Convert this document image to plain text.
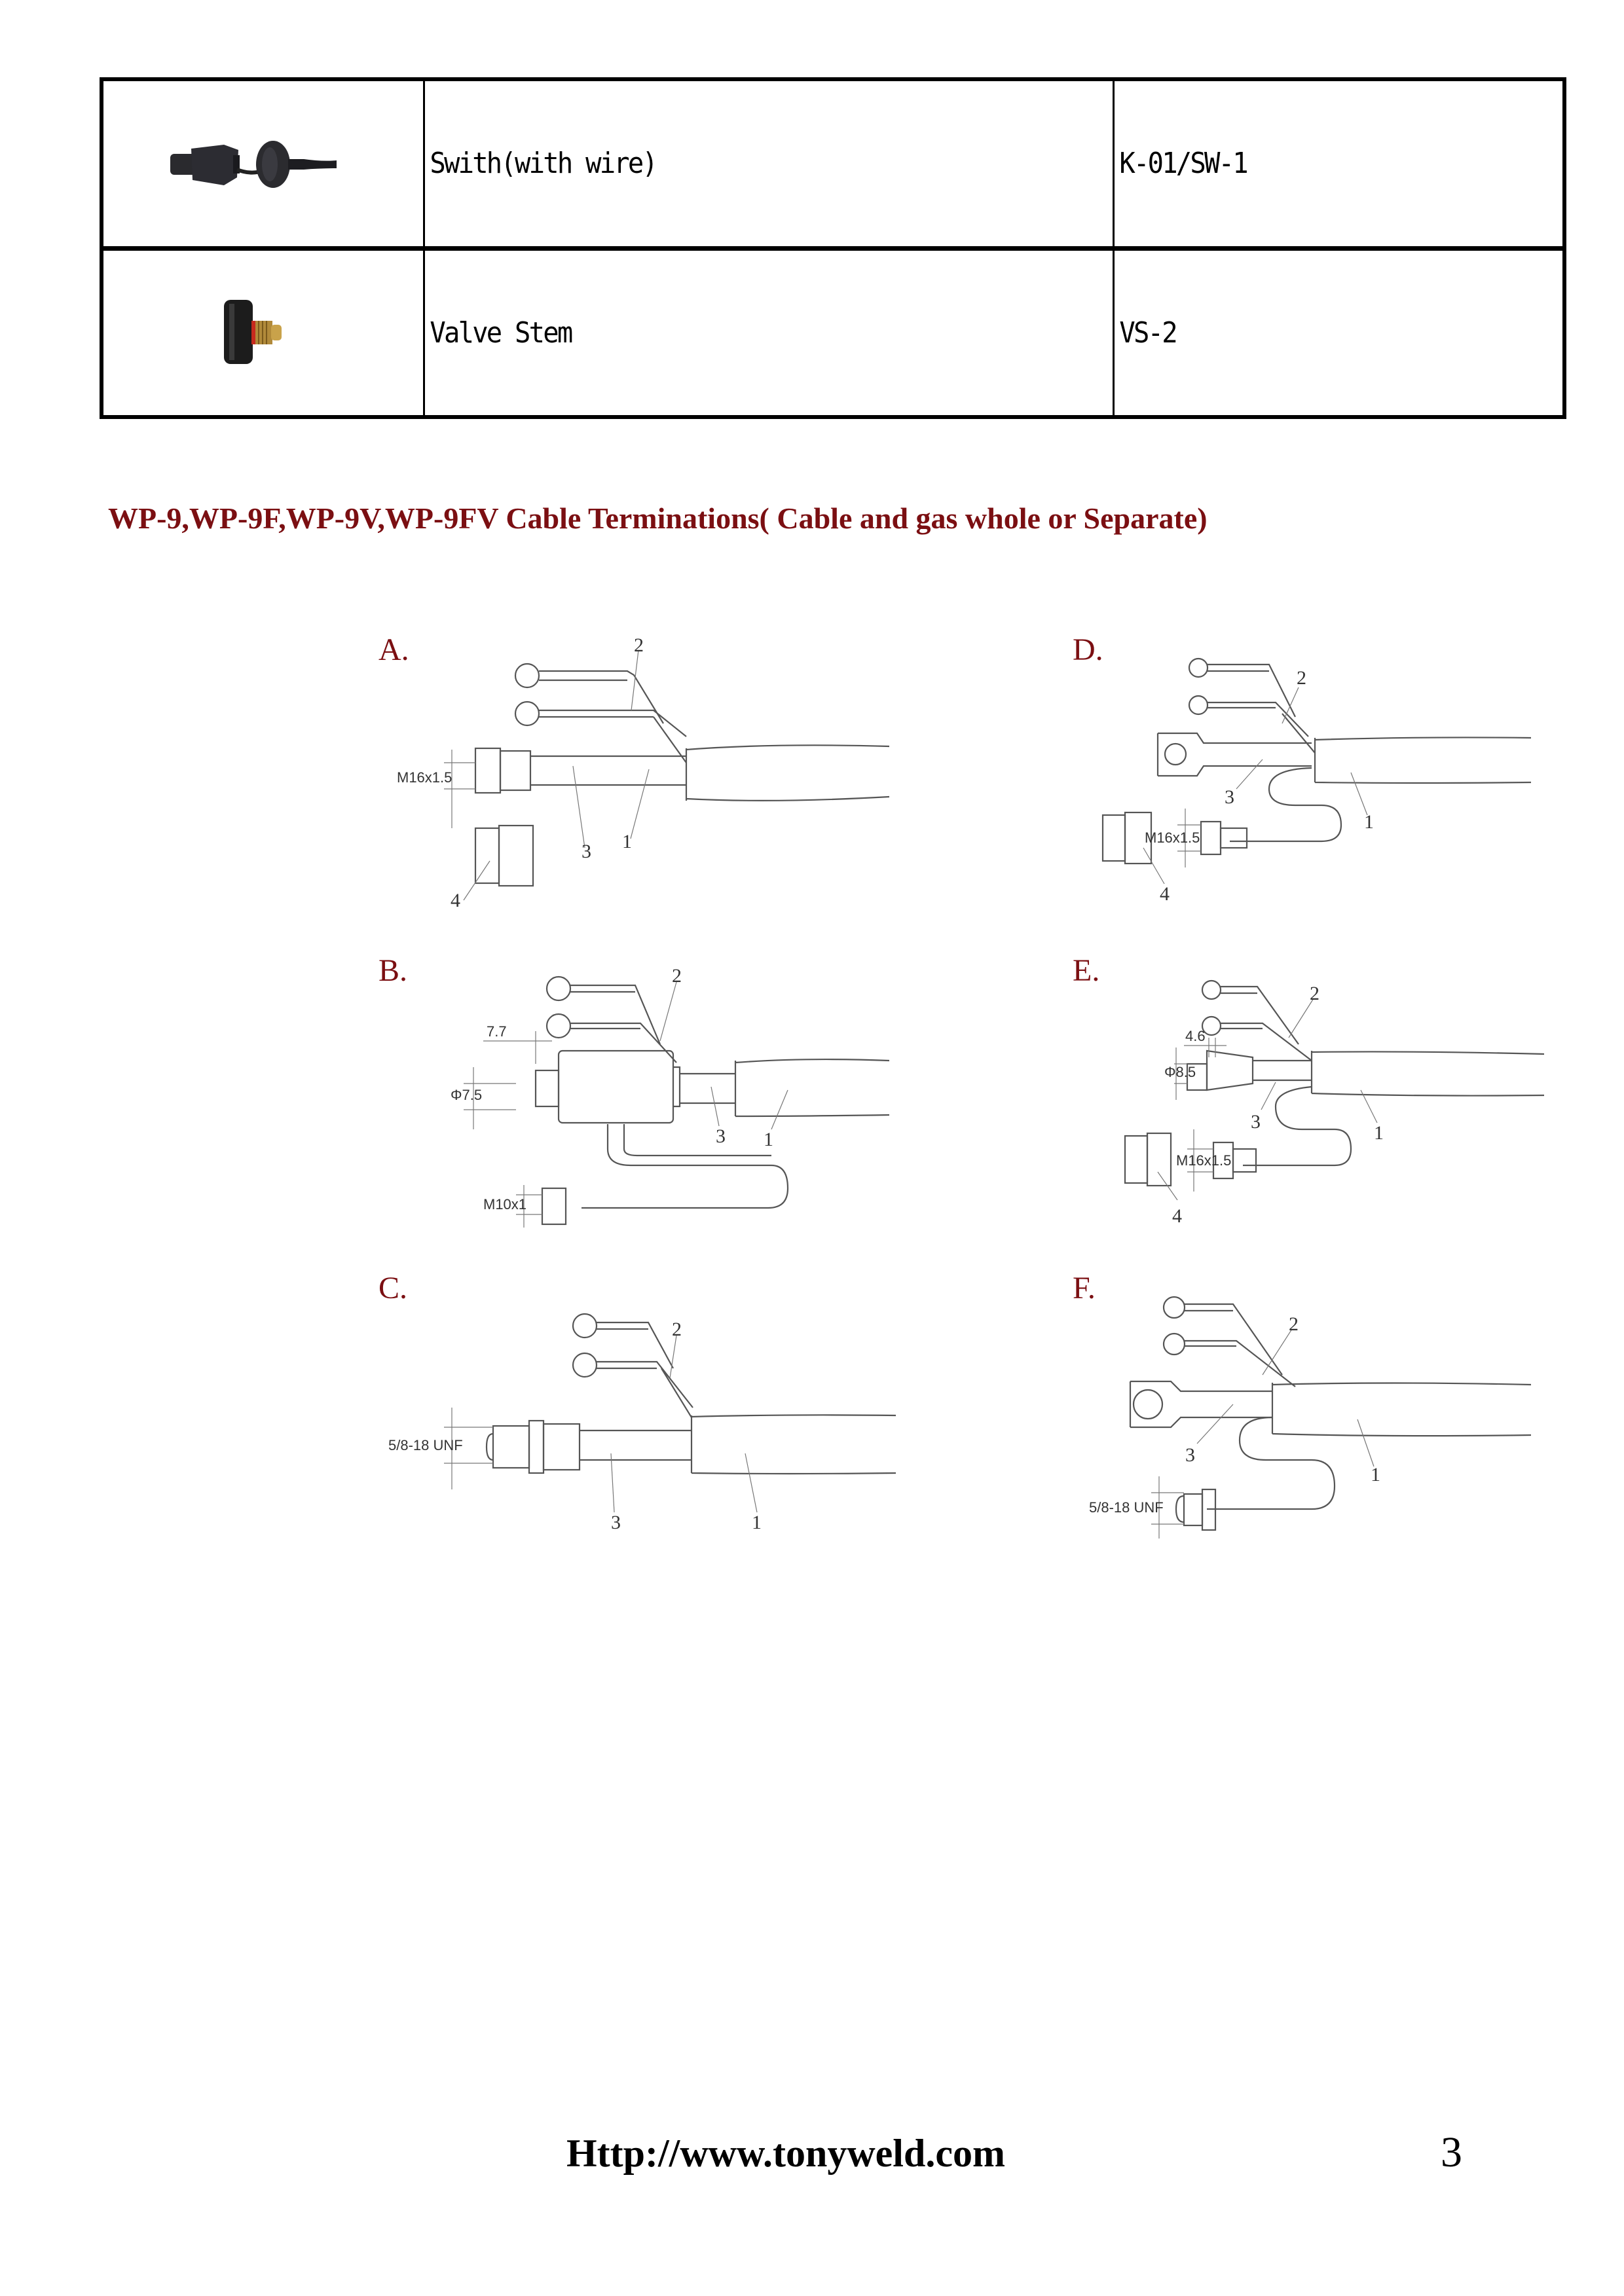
	Swith(with wire)	K-01/SW-1
	Valve Stem	VS-2
WP-9,WP-9F,WP-9V,WP-9FV Cable Terminations( Cable and gas whole or Separate)
A.
M16x1.5
2
3 1
4
D.
M16x1.5
2
3
1
4
B.
Φ7.5
7.7
M10x1
2
3 1
E.
M16x1.5
Φ8.5
4.6
2
3
1
4
C.
5/8-18 UNF
2
3	1
F.
5/8-18 UNF
2
3
1
Http://www.tonyweld.com	3
